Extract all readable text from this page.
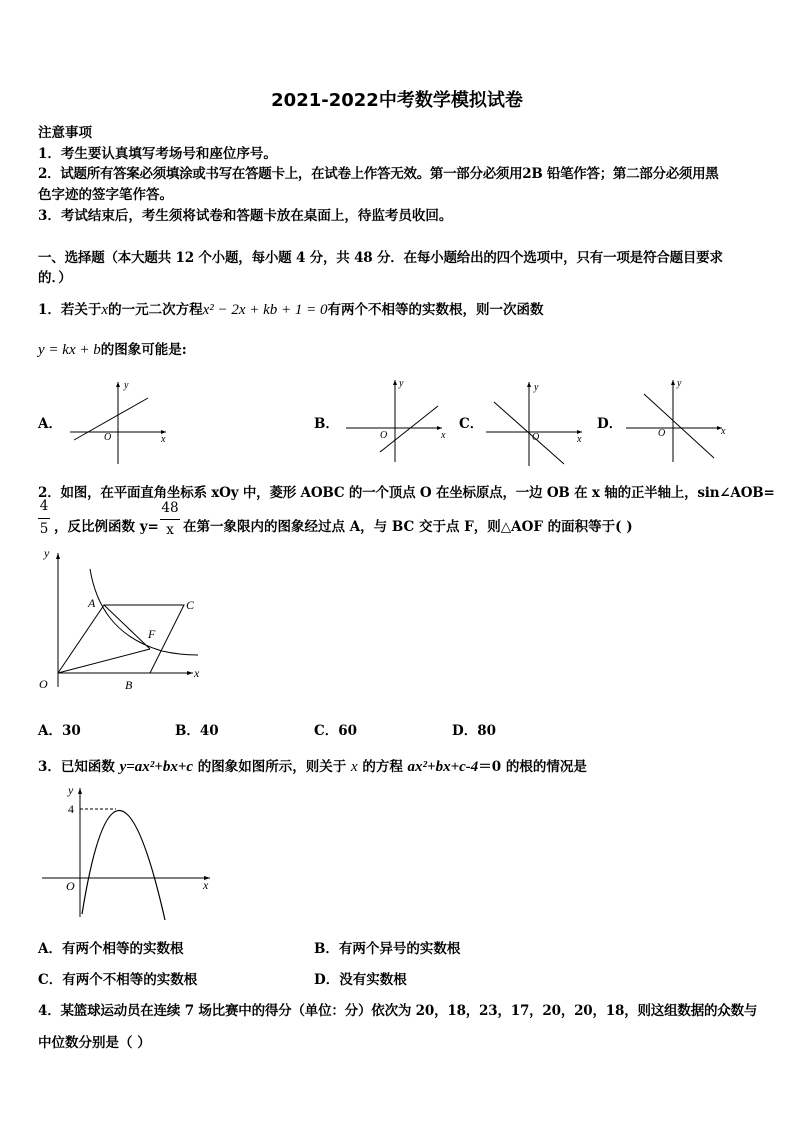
2021-2022中考数学模拟试卷
注意事项
1．考生要认真填写考场号和座位序号。
2．试题所有答案必须填涂或书写在答题卡上，在试卷上作答无效。第一部分必须用2B 铅笔作答；第二部分必须用黑
色字迹的签字笔作答。
3．考试结束后，考生须将试卷和答题卡放在桌面上，待监考员收回。
一、选择题（本大题共 12 个小题，每小题 4 分，共 48 分．在每小题给出的四个选项中，只有一项是符合题目要求
的．）
1．若关于x的一元二次方程x² − 2x + kb + 1 = 0有两个不相等的实数根，则一次函数
y = kx + b的图象可能是:
A．	B．	C．	D．
y
x
O
y
x
O
y
x
O
y
x
O
2．如图，在平面直角坐标系 xOy 中，菱形 AOBC 的一个顶点 O 在坐标原点，一边 OB 在 x 轴的正半轴上，sin∠AOB=
4
5 ，反比例函数 y=
48
x 在第一象限内的图象经过点 A，与 BC 交于点 F，则△AOF 的面积等于( )
y
x
A	C
F
O	B
A．30	B．40	C．60	D．80
3．已知函数 y=ax²+bx+c 的图象如图所示，则关于 x 的方程 ax²+bx+c-4＝0 的根的情况是
y
4
O	x
A．有两个相等的实数根	B．有两个异号的实数根
C．有两个不相等的实数根	D．没有实数根
4．某篮球运动员在连续 7 场比赛中的得分（单位：分）依次为 20，18，23，17，20，20，18，则这组数据的众数与
中位数分别是（ ）
